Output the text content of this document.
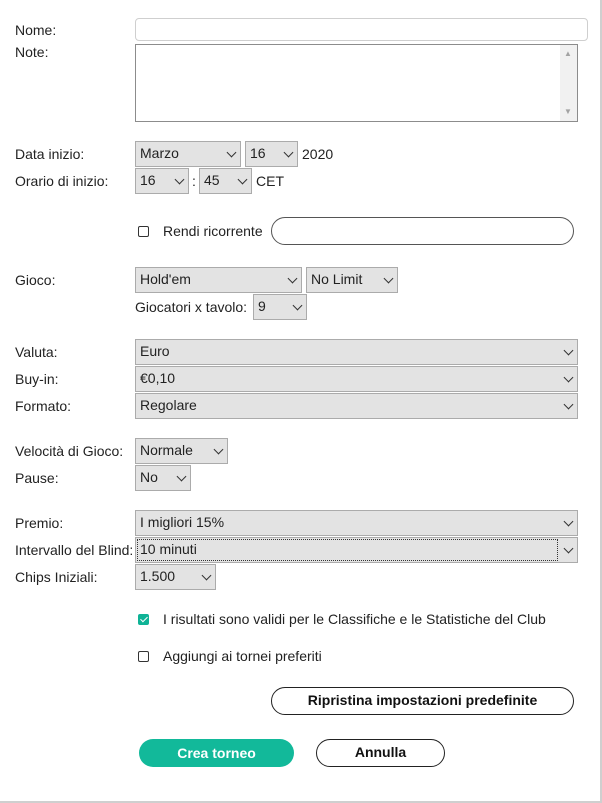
Nome:
Note:	▲
▼
Data inizio:	Marzo	16	2020
Orario di inizio:	16	: 45	CET
Rendi ricorrente
Gioco:	Hold'em	No Limit
Giocatori x tavolo: 9
Valuta:	Euro
Buy-in:	€0,10
Formato:	Regolare
Velocità di Gioco:	Normale
Pause:	No
Premio:	I migliori 15%
Intervallo del Blind: 10 minuti
Chips Iniziali:	1.500
I risultati sono validi per le Classifiche e le Statistiche del Club
Aggiungi ai tornei preferiti
Ripristina impostazioni predefinite
Crea torneo	Annulla
